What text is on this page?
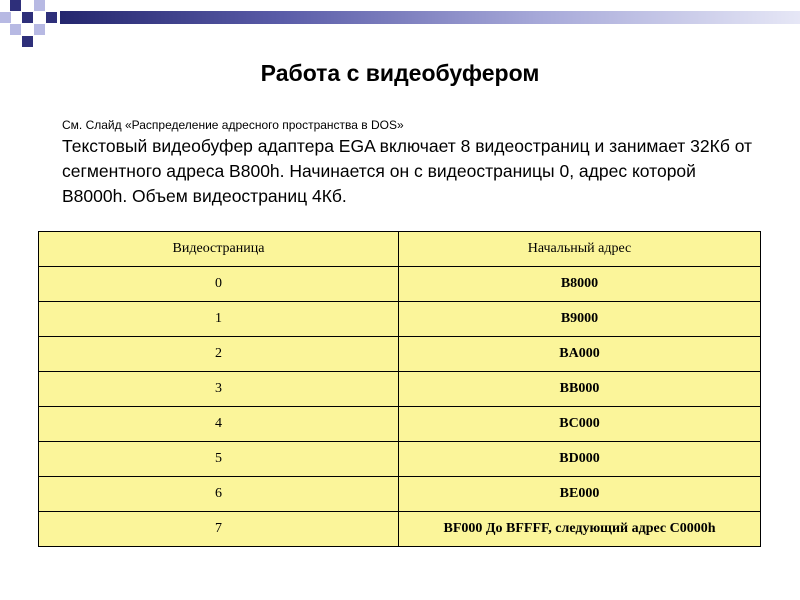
Работа с видеобуфером

См. Слайд «Распределение адресного пространства в DOS»

Текстовый видеобуфер адаптера EGA включает 8 видеостраниц и занимает 32Кб от сегментного адреса B800h. Начинается он с видеостраницы 0, адрес которой B8000h. Объем видеостраниц 4Кб.

Видеостраница	Начальный адрес
0	B8000
1	B9000
2	BA000
3	BB000
4	BC000
5	BD000
6	BE000
7	BF000 До BFFFF, следующий адрес C0000h
